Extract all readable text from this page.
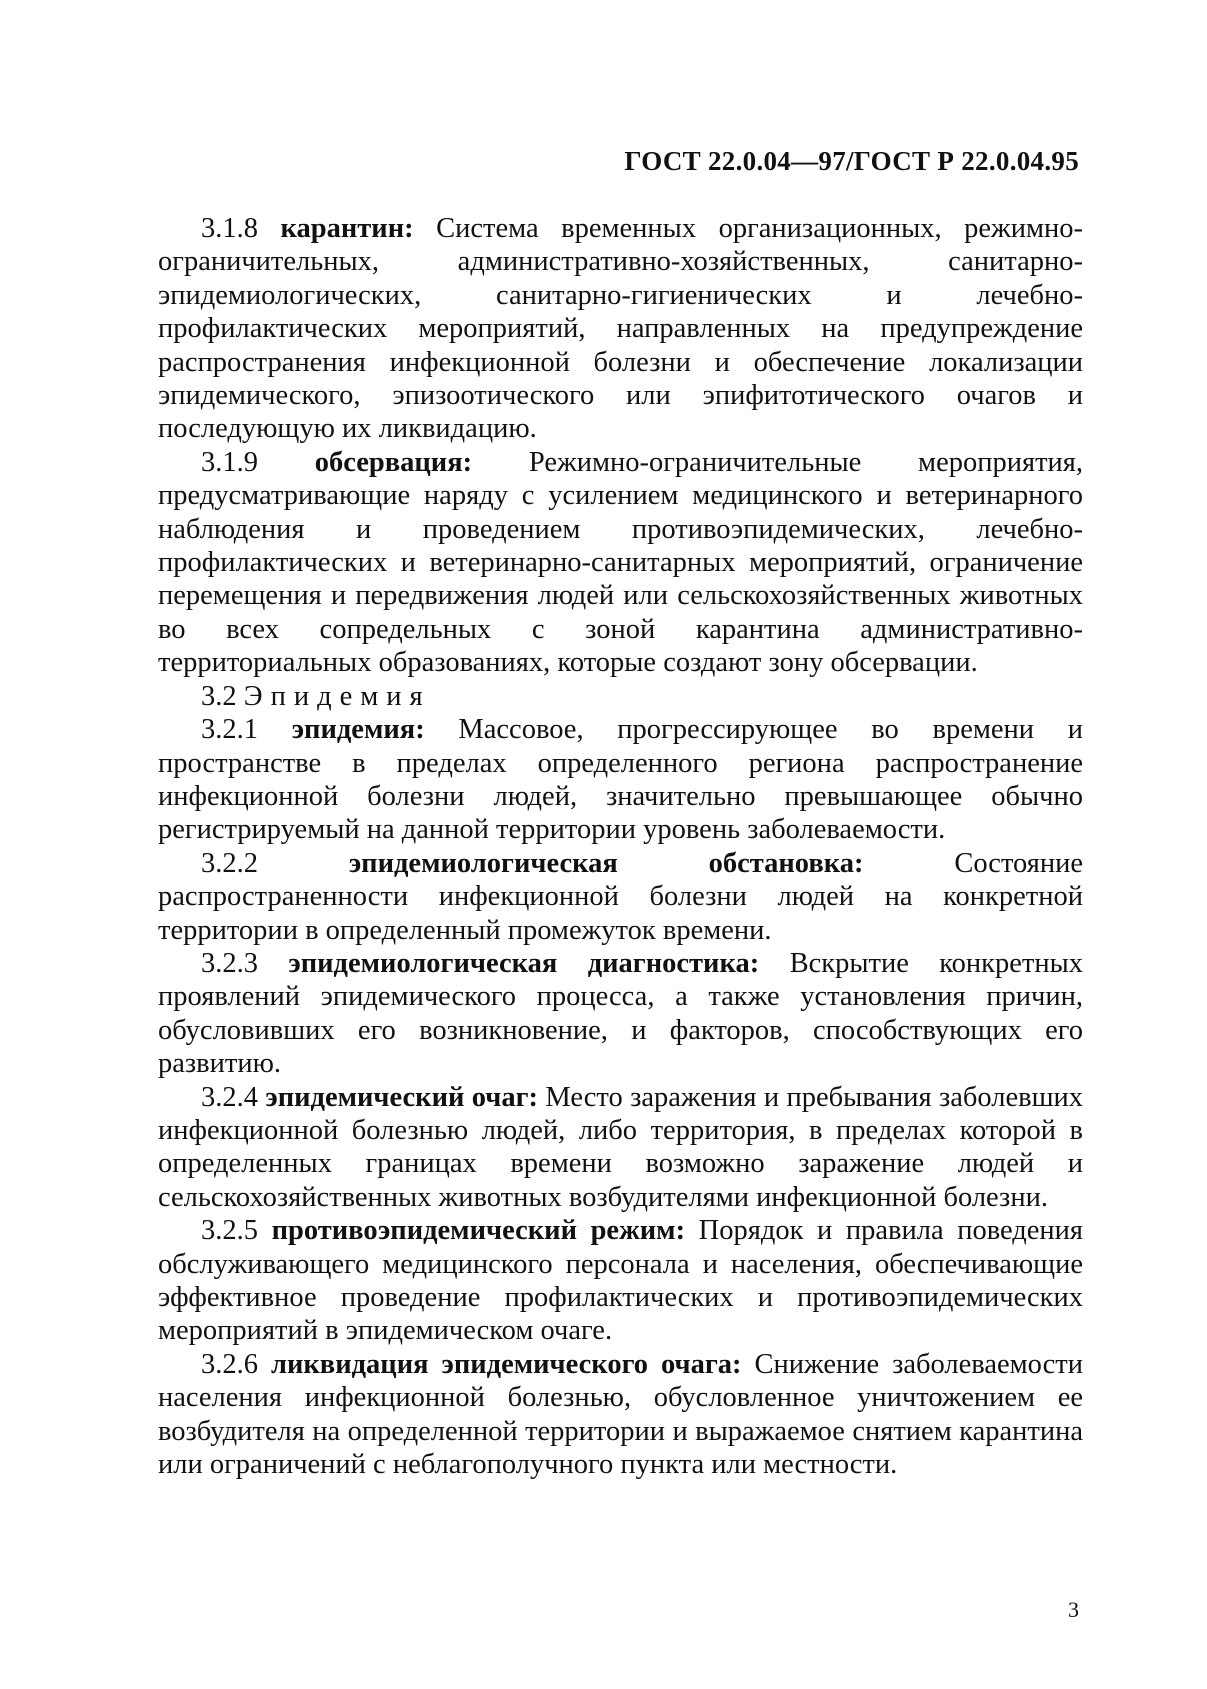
ГОСТ 22.0.04—97/ГОСТ Р 22.0.04.95

3.1.8 карантин: Система временных организационных, режимно-ограничительных, административно-хозяйственных, санитарно-эпидемиологических, санитарно-гигиенических и лечебно-профилактических мероприятий, направленных на предупреждение распространения инфекционной болезни и обеспечение локализации эпидемического, эпизоотического или эпифитотического очагов и последующую их ликвидацию.

3.1.9 обсервация: Режимно-ограничительные мероприятия, предусматривающие наряду с усилением медицинского и ветеринарного наблюдения и проведением противоэпидемических, лечебно-профилактических и ветеринарно-санитарных мероприятий, ограничение перемещения и передвижения людей или сельскохозяйственных животных во всех сопредельных с зоной карантина административно-территориальных образованиях, которые создают зону обсервации.

3.2 Эпидемия

3.2.1 эпидемия: Массовое, прогрессирующее во времени и пространстве в пределах определенного региона распространение инфекционной болезни людей, значительно превышающее обычно регистрируемый на данной территории уровень заболеваемости.

3.2.2	эпидемиологическая обстановка:	Состояние распространенности инфекционной болезни людей на конкретной территории в определенный промежуток времени.

3.2.3 эпидемиологическая диагностика: Вскрытие конкретных проявлений эпидемического процесса, а также установления причин, обусловивших его возникновение, и факторов, способствующих его развитию.

3.2.4 эпидемический очаг: Место заражения и пребывания заболевших инфекционной болезнью людей, либо территория, в пределах которой в определенных границах времени возможно заражение людей и сельскохозяйственных животных возбудителями инфекционной болезни.

3.2.5 противоэпидемический режим: Порядок и правила поведения обслуживающего медицинского персонала и населения, обеспечивающие эффективное проведение профилактических и противоэпидемических мероприятий в эпидемическом очаге.

3.2.6 ликвидация эпидемического очага: Снижение заболеваемости населения инфекционной болезнью, обусловленное уничтожением ее возбудителя на определенной территории и выражаемое снятием карантина или ограничений с неблагополучного пункта или местности.

3
